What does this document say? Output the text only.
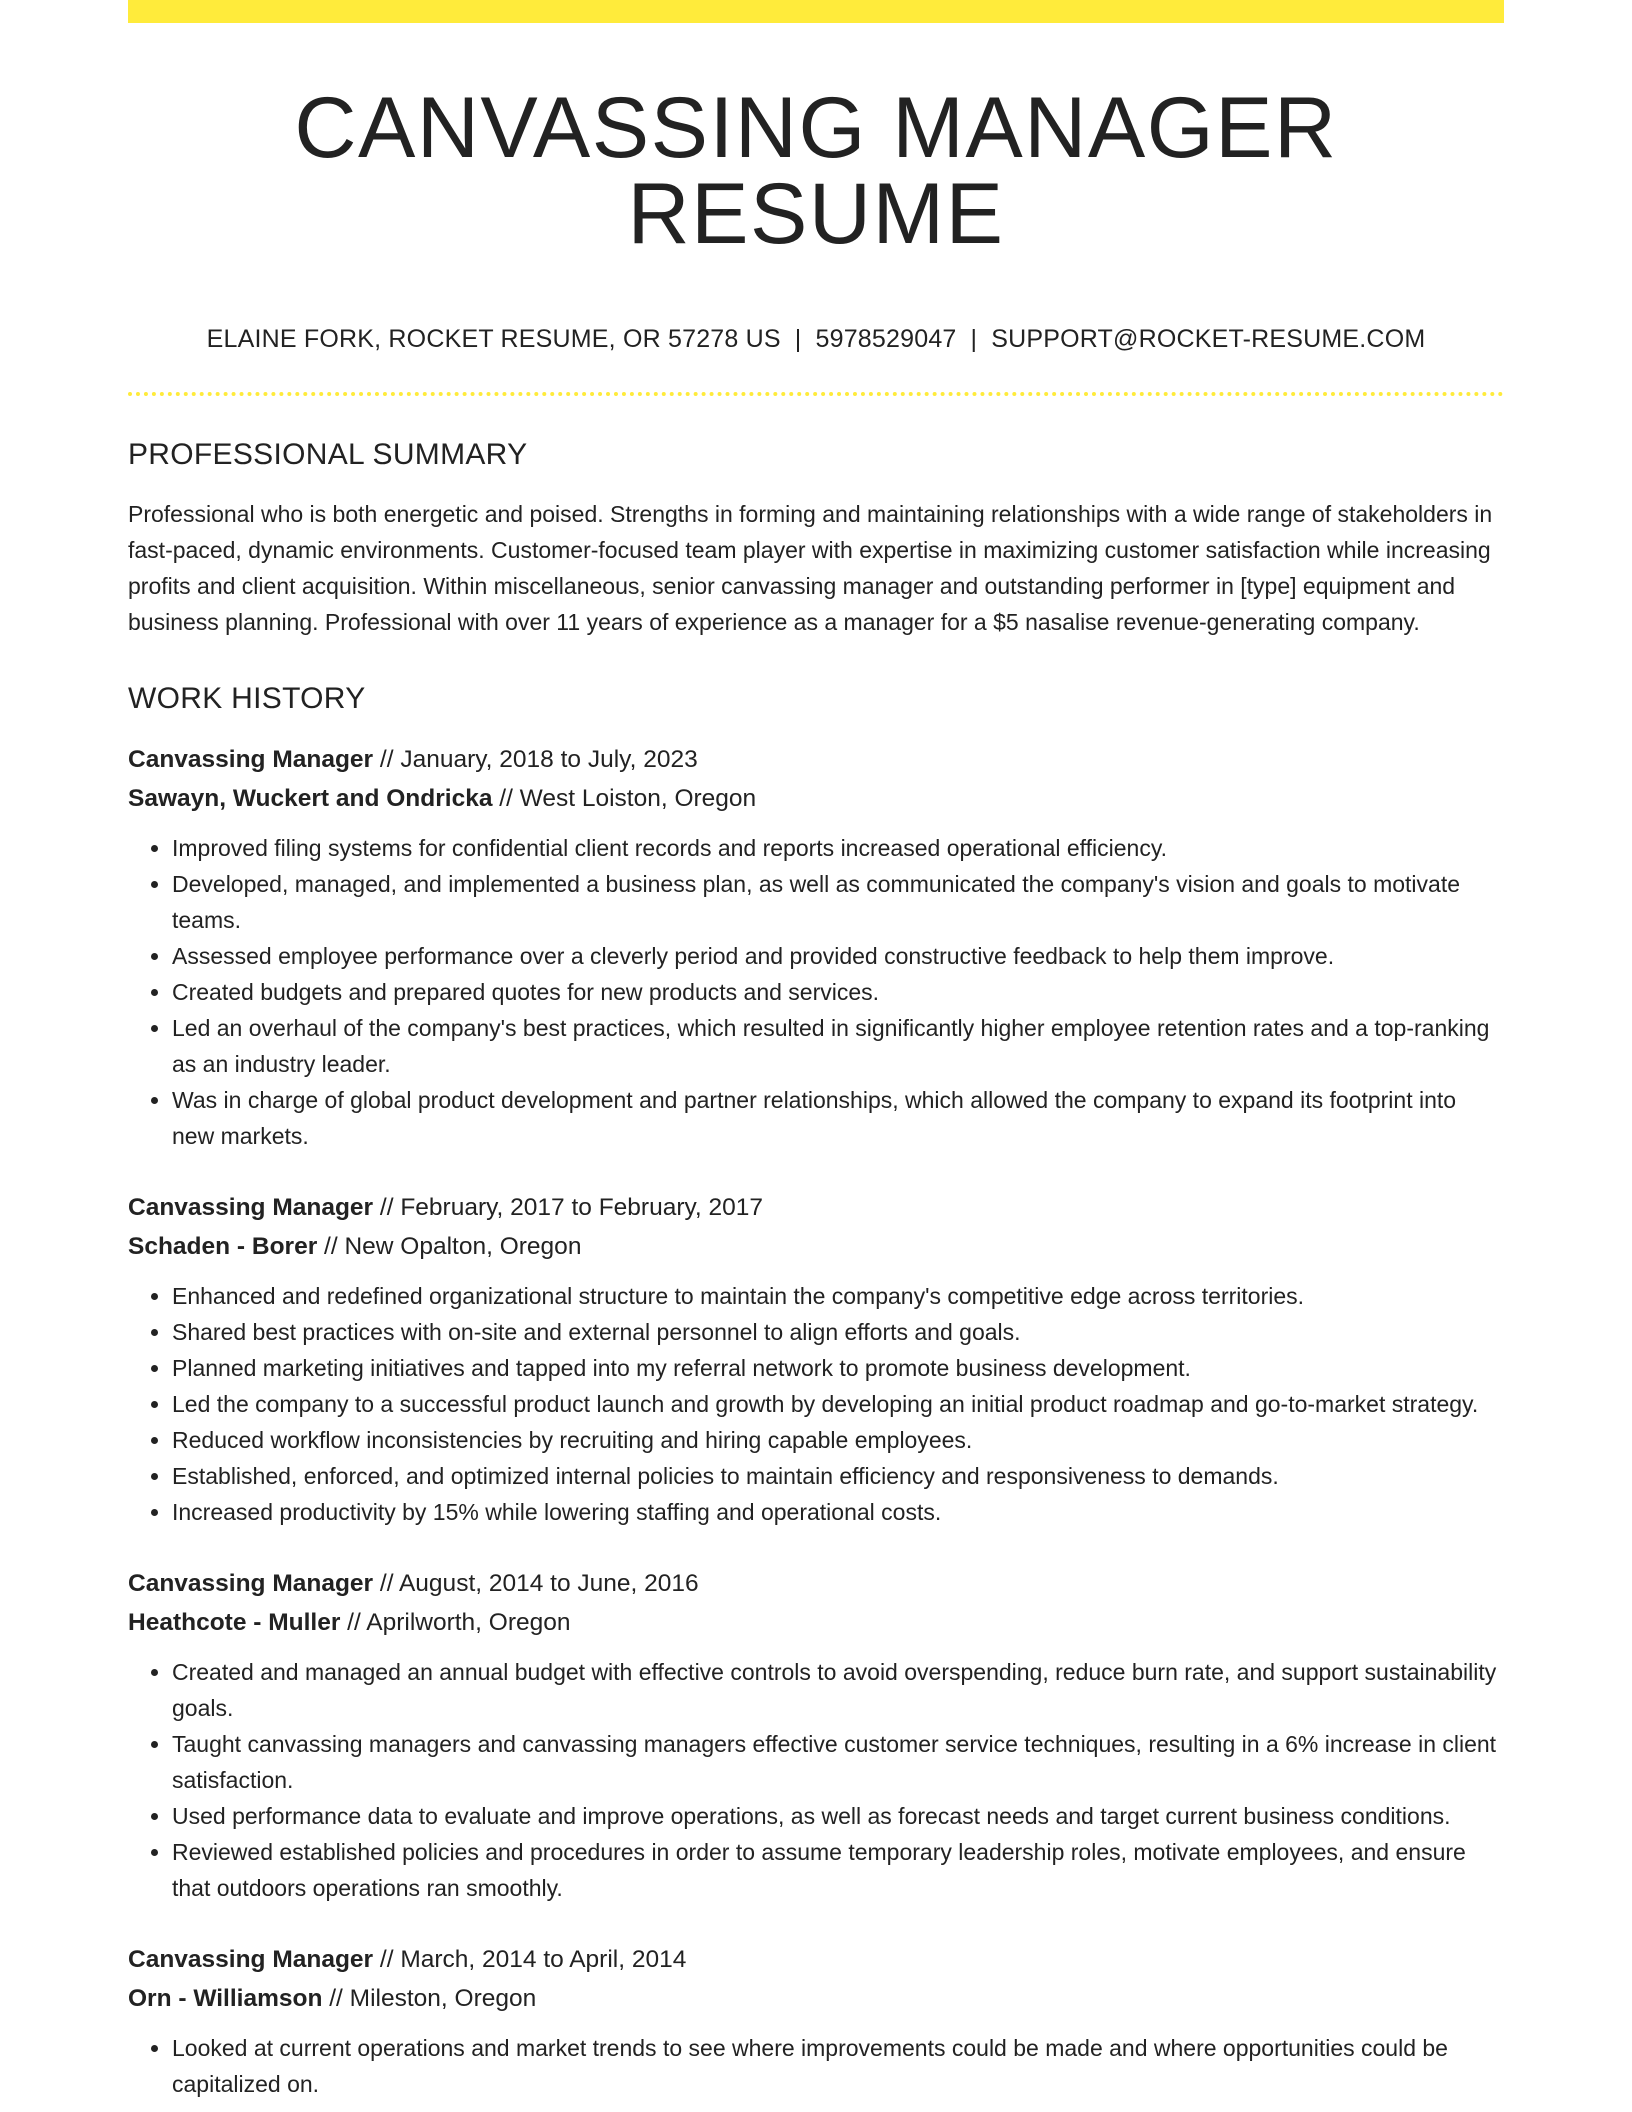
CANVASSING MANAGER RESUME
ELAINE FORK, ROCKET RESUME, OR 57278 US | 5978529047 | SUPPORT@ROCKET-RESUME.COM
PROFESSIONAL SUMMARY

Professional who is both energetic and poised. Strengths in forming and maintaining relationships with a wide range of stakeholders in fast-paced, dynamic environments. Customer-focused team player with expertise in maximizing customer satisfaction while increasing profits and client acquisition. Within miscellaneous, senior canvassing manager and outstanding performer in [type] equipment and business planning. Professional with over 11 years of experience as a manager for a $5 nasalise revenue-generating company.

WORK HISTORY
Canvassing Manager // January, 2018 to July, 2023
Sawayn, Wuckert and Ondricka // West Loiston, Oregon
• Improved filing systems for confidential client records and reports increased operational efficiency.
• Developed, managed, and implemented a business plan, as well as communicated the company's vision and goals to motivate teams.
• Assessed employee performance over a cleverly period and provided constructive feedback to help them improve.
• Created budgets and prepared quotes for new products and services.
• Led an overhaul of the company's best practices, which resulted in significantly higher employee retention rates and a top-ranking as an industry leader.
• Was in charge of global product development and partner relationships, which allowed the company to expand its footprint into new markets.
Canvassing Manager // February, 2017 to February, 2017
Schaden - Borer // New Opalton, Oregon
• Enhanced and redefined organizational structure to maintain the company's competitive edge across territories.
• Shared best practices with on-site and external personnel to align efforts and goals.
• Planned marketing initiatives and tapped into my referral network to promote business development.
• Led the company to a successful product launch and growth by developing an initial product roadmap and go-to-market strategy.
• Reduced workflow inconsistencies by recruiting and hiring capable employees.
• Established, enforced, and optimized internal policies to maintain efficiency and responsiveness to demands.
• Increased productivity by 15% while lowering staffing and operational costs.
Canvassing Manager // August, 2014 to June, 2016
Heathcote - Muller // Aprilworth, Oregon
• Created and managed an annual budget with effective controls to avoid overspending, reduce burn rate, and support sustainability goals.
• Taught canvassing managers and canvassing managers effective customer service techniques, resulting in a 6% increase in client satisfaction.
• Used performance data to evaluate and improve operations, as well as forecast needs and target current business conditions.
• Reviewed established policies and procedures in order to assume temporary leadership roles, motivate employees, and ensure that outdoors operations ran smoothly.
Canvassing Manager // March, 2014 to April, 2014
Orn - Williamson // Mileston, Oregon
• Looked at current operations and market trends to see where improvements could be made and where opportunities could be capitalized on.
